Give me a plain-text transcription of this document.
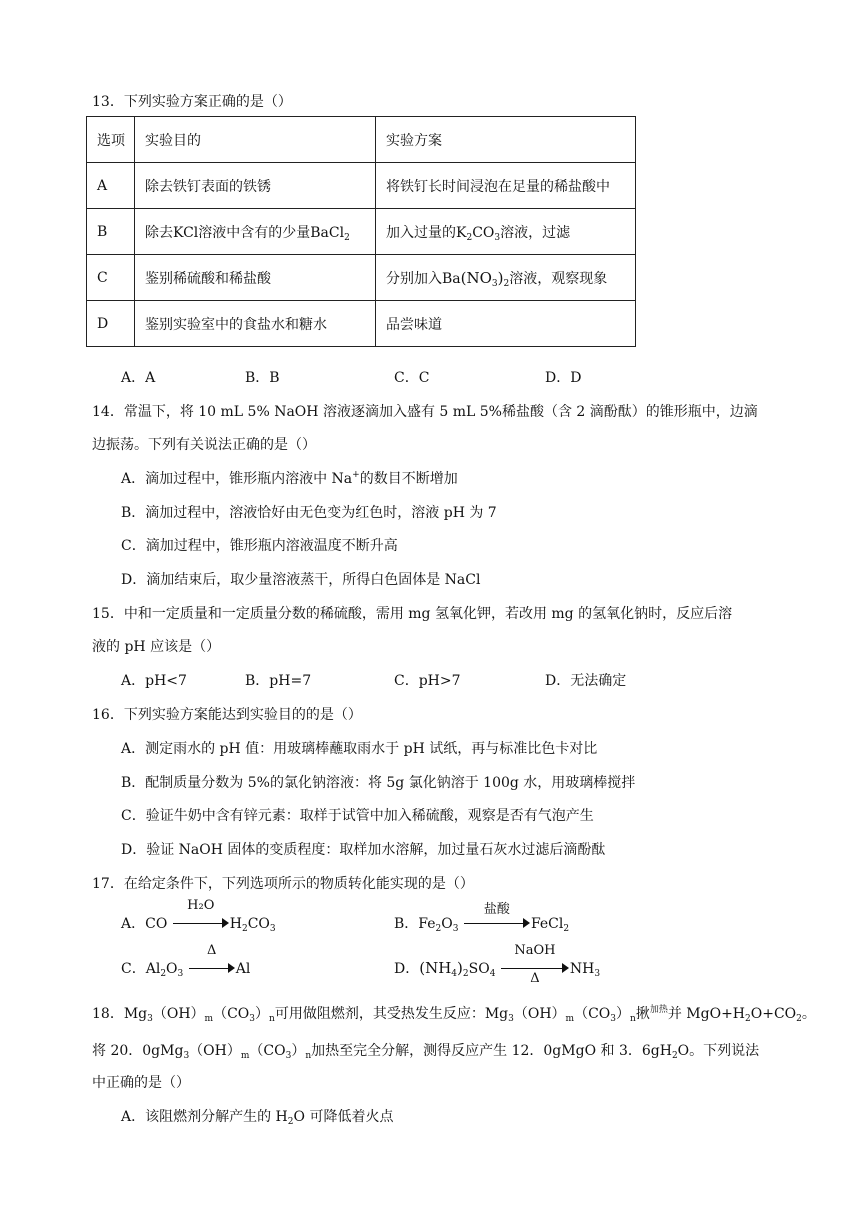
13．下列实验方案正确的是（）
选项	实验目的	实验方案
A	除去铁钉表面的铁锈	将铁钉长时间浸泡在足量的稀盐酸中
B	除去KCl溶液中含有的少量BaCl$_2$	加入过量的$K_2CO_3$溶液，过滤
C	鉴别稀硫酸和稀盐酸	分别加入$Ba(NO_3)_2$溶液，观察现象
D	鉴别实验室中的食盐水和糖水	品尝味道
A．A	B．B	C．C	D．D
14．常温下，将 10 mL 5% NaOH 溶液逐滴加入盛有 5 mL 5%稀盐酸（含 2 滴酚酞）的锥形瓶中，边滴
边振荡。下列有关说法正确的是（）
A．滴加过程中，锥形瓶内溶液中 Na+的数目不断增加
B．滴加过程中，溶液恰好由无色变为红色时，溶液 pH 为 7
C．滴加过程中，锥形瓶内溶液温度不断升高
D．滴加结束后，取少量溶液蒸干，所得白色固体是 NaCl
15．中和一定质量和一定质量分数的稀硫酸，需用 mg 氢氧化钾，若改用 mg 的氢氧化钠时，反应后溶
液的 pH 应该是（）
A．pH<7	B．pH=7	C．pH>7	D．无法确定
16．下列实验方案能达到实验目的的是（）
A．测定雨水的 pH 值：用玻璃棒蘸取雨水于 pH 试纸，再与标准比色卡对比
B．配制质量分数为 5%的氯化钠溶液：将 5g 氯化钠溶于 100g 水，用玻璃棒搅拌
C．验证牛奶中含有锌元素：取样于试管中加入稀硫酸，观察是否有气泡产生
D．验证 NaOH 固体的变质程度：取样加水溶解，加过量石灰水过滤后滴酚酞
17．在给定条件下，下列选项所示的物质转化能实现的是（）
A．CO
H₂O
$H_2CO_3$	B．$Fe_2O_3$
盐酸
FeCl$_2$
C．$Al_2O_3$
Δ
Al	D．$(NH_4)_2SO_4$
NaOH
Δ
$NH_3$
18．$Mg_3(OH)_m(CO_3)_n$可用做阻燃剂，其受热发生反应：$Mg_3(OH)_m(CO_3)_n$揪$^{加热}$并 $MgO+H_2O+CO_2$。
将 20．$0gMg_3(OH)_m(CO_3)_n$加热至完全分解，测得反应产生 12．0gMgO 和 3．$6gH_2O$。下列说法
中正确的是（）
A．该阻燃剂分解产生的 $H_2O$ 可降低着火点
